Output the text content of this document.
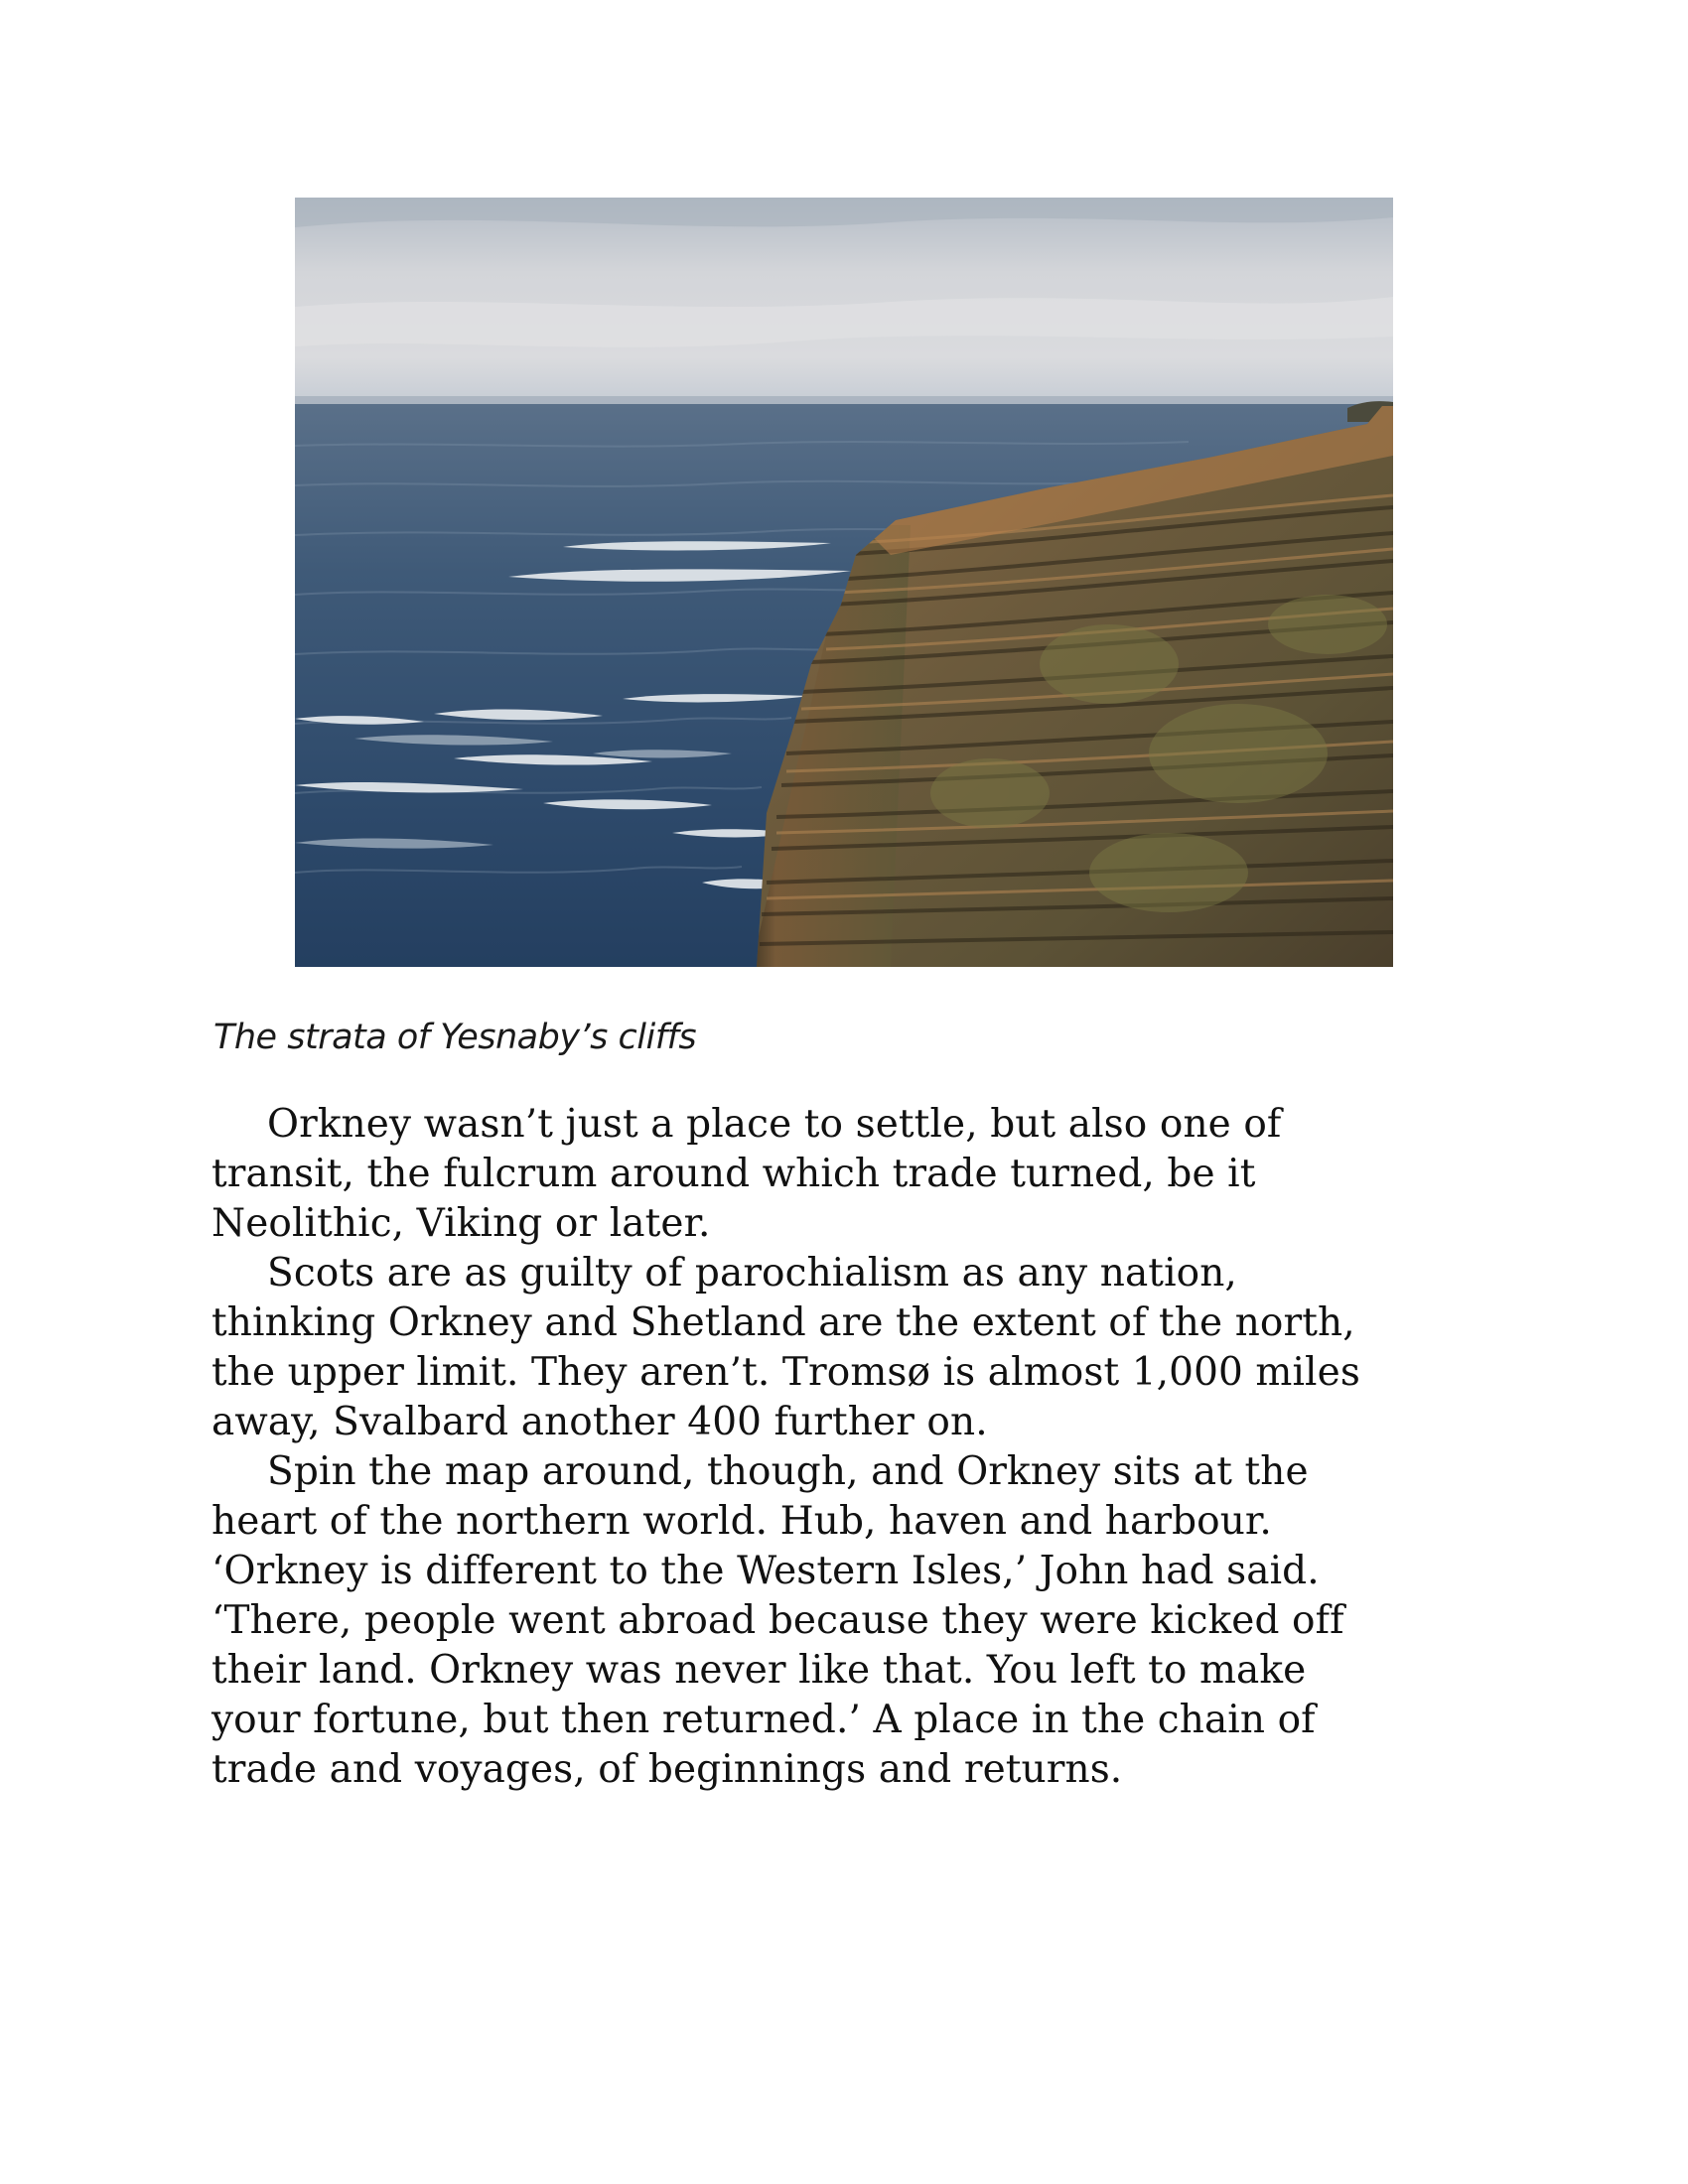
The strata of Yesnaby’s cliffs

Orkney wasn’t just a place to settle, but also one of
transit, the fulcrum around which trade turned, be it
Neolithic, Viking or later.

Scots are as guilty of parochialism as any nation,
thinking Orkney and Shetland are the extent of the north,
the upper limit. They aren’t. Tromsø is almost 1,000 miles
away, Svalbard another 400 further on.

Spin the map around, though, and Orkney sits at the
heart of the northern world. Hub, haven and harbour.
‘Orkney is different to the Western Isles,’ John had said.
‘There, people went abroad because they were kicked off
their land. Orkney was never like that. You left to make
your fortune, but then returned.’ A place in the chain of
trade and voyages, of beginnings and returns.
